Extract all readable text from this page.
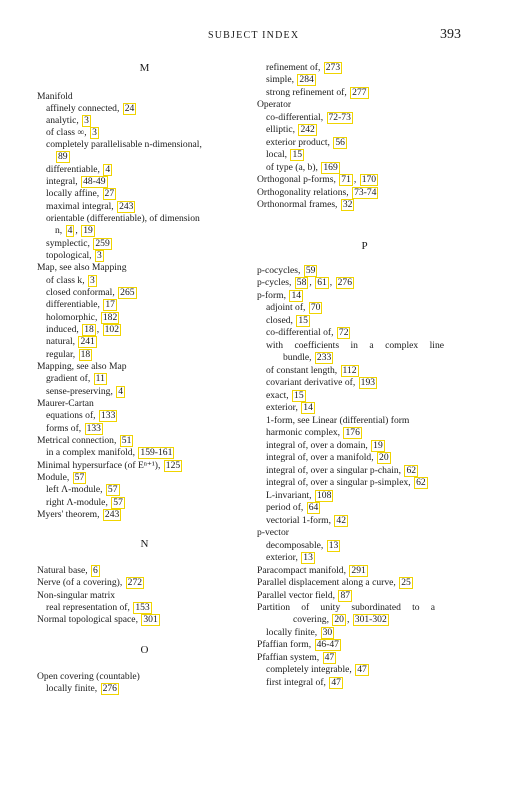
SUBJECT INDEX	393
M
Manifold
affinely connected, 24
analytic, 3
of class ∞, 3
completely parallelisable n-dimensional,
89
differentiable, 4
integral, 48-49
locally affine, 27
maximal integral, 243
orientable (differentiable), of dimension
n, 4 , 19
symplectic, 259
topological, 3
Map, see also Mapping
of class k, 3
closed conformal, 265
differentiable, 17
holomorphic, 182
induced, 18 , 102
natural, 241
regular, 18
Mapping, see also Map
gradient of, 11
sense-preserving, 4
Maurer-Cartan
equations of, 133
forms of, 133
Metrical connection, 51
in a complex manifold, 159-161
Minimal hypersurface (of Eⁿ⁺¹), 125
Module, 57
left Λ-module, 57
right Λ-module, 57
Myers' theorem, 243
N
Natural base, 6
Nerve (of a covering), 272
Non-singular matrix
real representation of, 153
Normal topological space, 301
O
Open covering (countable)
locally finite, 276
refinement of, 273
simple, 284
strong refinement of, 277
Operator
co-differential, 72-73
elliptic, 242
exterior product, 56
local, 15
of type (a, b), 169
Orthogonal p-forms, 71 , 170
Orthogonality relations, 73-74
Orthonormal frames, 32
P
p-cocycles, 59
p-cycles, 58 , 61 , 276
p-form, 14
adjoint of, 70
closed, 15
co-differential of, 72
with coefficients in a complex line
bundle, 233
of constant length, 112
covariant derivative of, 193
exact, 15
exterior, 14
1-form, see Linear (differential) form
harmonic complex, 176
integral of, over a domain, 19
integral of, over a manifold, 20
integral of, over a singular p-chain, 62
integral of, over a singular p-simplex, 62
L-invariant, 108
period of, 64
vectorial 1-form, 42
p-vector
decomposable, 13
exterior, 13
Paracompact manifold, 291
Parallel displacement along a curve, 25
Parallel vector field, 87
Partition of unity subordinated to a
covering, 20 , 301-302
locally finite, 30
Pfaffian form, 46-47
Pfaffian system, 47
completely integrable, 47
first integral of, 47
